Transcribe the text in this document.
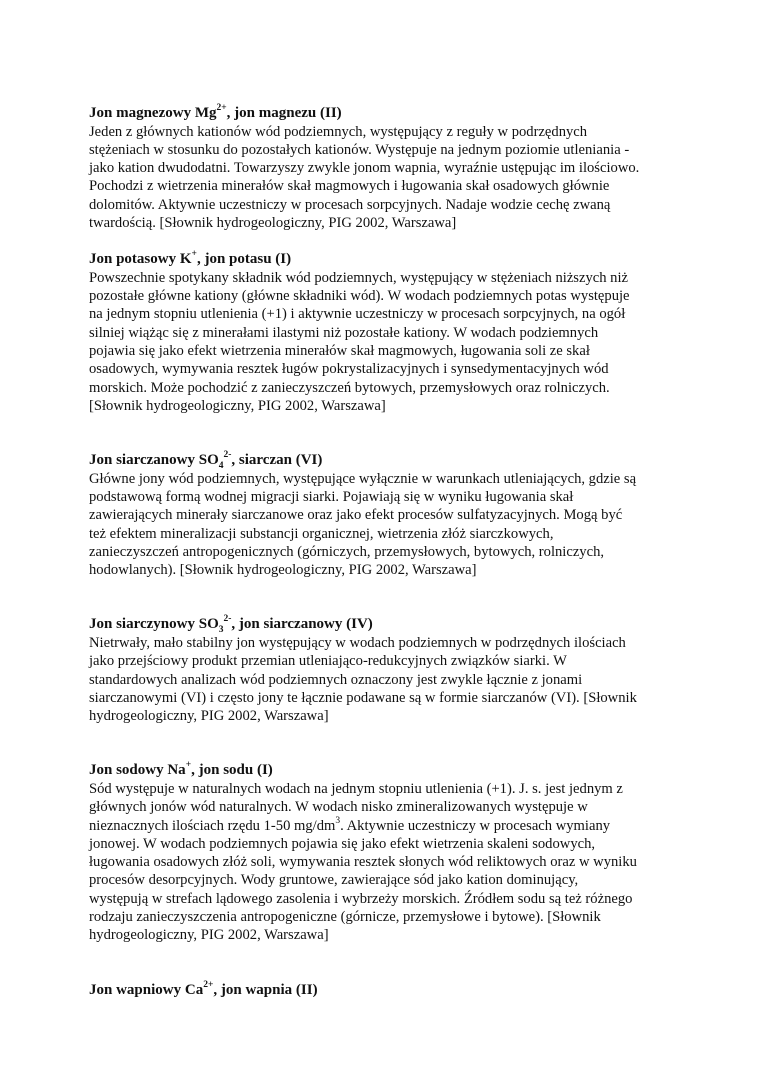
Jon magnezowy $Mg^{2+}$, jon magnezu (II)

Jeden z głównych kationów wód podziemnych, występujący z reguły w podrzędnych
stężeniach w stosunku do pozostałych kationów. Występuje na jednym poziomie utleniania -
jako kation dwudodatni. Towarzyszy zwykle jonom wapnia, wyraźnie ustępując im ilościowo.
Pochodzi z wietrzenia minerałów skał magmowych i ługowania skał osadowych głównie
dolomitów. Aktywnie uczestniczy w procesach sorpcyjnych. Nadaje wodzie cechę zwaną
twardością. [Słownik hydrogeologiczny, PIG 2002, Warszawa]

Jon potasowy K+, jon potasu (I)

Powszechnie spotykany składnik wód podziemnych, występujący w stężeniach niższych niż
pozostałe główne kationy (główne składniki wód). W wodach podziemnych potas występuje
na jednym stopniu utlenienia (+1) i aktywnie uczestniczy w procesach sorpcyjnych, na ogół
silniej wiążąc się z minerałami ilastymi niż pozostałe kationy. W wodach podziemnych
pojawia się jako efekt wietrzenia minerałów skał magmowych, ługowania soli ze skał
osadowych, wymywania resztek ługów pokrystalizacyjnych i synsedymentacyjnych wód
morskich. Może pochodzić z zanieczyszczeń bytowych, przemysłowych oraz rolniczych.
[Słownik hydrogeologiczny, PIG 2002, Warszawa]

Jon siarczanowy $SO_4^{2-}$, siarczan (VI)

Główne jony wód podziemnych, występujące wyłącznie w warunkach utleniających, gdzie są
podstawową formą wodnej migracji siarki. Pojawiają się w wyniku ługowania skał
zawierających minerały siarczanowe oraz jako efekt procesów sulfatyzacyjnych. Mogą być
też efektem mineralizacji substancji organicznej, wietrzenia złóż siarczkowych,
zanieczyszczeń antropogenicznych (górniczych, przemysłowych, bytowych, rolniczych,
hodowlanych). [Słownik hydrogeologiczny, PIG 2002, Warszawa]

Jon siarczynowy $SO_3^{2-}$, jon siarczanowy (IV)

Nietrwały, mało stabilny jon występujący w wodach podziemnych w podrzędnych ilościach
jako przejściowy produkt przemian utleniająco-redukcyjnych związków siarki. W
standardowych analizach wód podziemnych oznaczony jest zwykle łącznie z jonami
siarczanowymi (VI) i często jony te łącznie podawane są w formie siarczanów (VI). [Słownik
hydrogeologiczny, PIG 2002, Warszawa]

Jon sodowy Na+, jon sodu (I)

Sód występuje w naturalnych wodach na jednym stopniu utlenienia (+1). J. s. jest jednym z
głównych jonów wód naturalnych. W wodach nisko zmineralizowanych występuje w
nieznacznych ilościach rzędu 1-50 $mg/dm^3$. Aktywnie uczestniczy w procesach wymiany
jonowej. W wodach podziemnych pojawia się jako efekt wietrzenia skaleni sodowych,
ługowania osadowych złóż soli, wymywania resztek słonych wód reliktowych oraz w wyniku
procesów desorpcyjnych. Wody gruntowe, zawierające sód jako kation dominujący,
występują w strefach lądowego zasolenia i wybrzeży morskich. Źródłem sodu są też różnego
rodzaju zanieczyszczenia antropogeniczne (górnicze, przemysłowe i bytowe). [Słownik
hydrogeologiczny, PIG 2002, Warszawa]

Jon wapniowy $Ca^{2+}$, jon wapnia (II)
